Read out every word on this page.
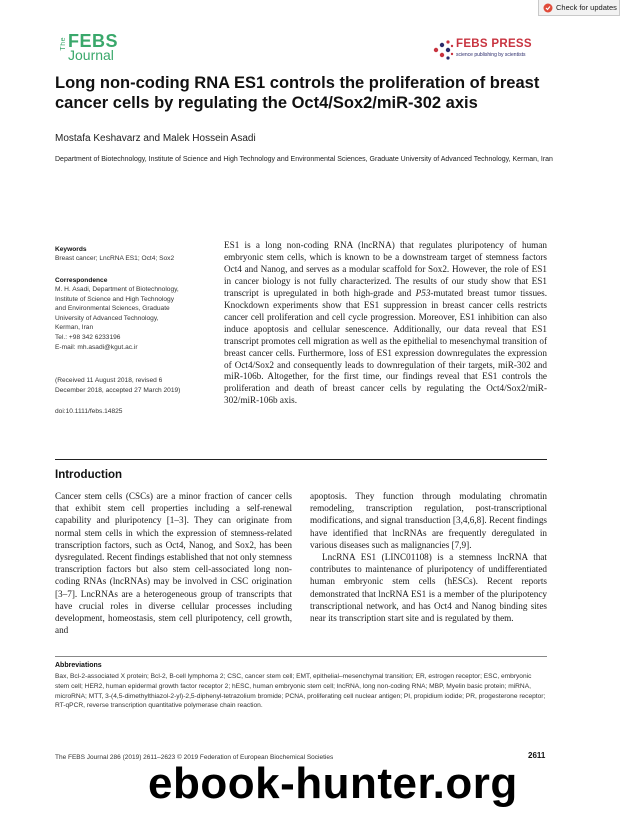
Check for updates
The FEBS
Journal
FEBS PRESS
science publishing by scientists
Long non-coding RNA ES1 controls the proliferation of breast cancer cells by regulating the Oct4/Sox2/miR-302 axis
Mostafa Keshavarz and Malek Hossein Asadi
Department of Biotechnology, Institute of Science and High Technology and Environmental Sciences, Graduate University of Advanced Technology, Kerman, Iran
Keywords
Breast cancer; LncRNA ES1; Oct4; Sox2
Correspondence
M. H. Asadi, Department of Biotechnology,
Institute of Science and High Technology
and Environmental Sciences, Graduate
University of Advanced Technology,
Kerman, Iran
Tel.: +98 342 6233196
E-mail: mh.asadi@kgut.ac.ir
(Received 11 August 2018, revised 6
December 2018, accepted 27 March 2019)
doi:10.1111/febs.14825

ES1 is a long non-coding RNA (lncRNA) that regulates pluripotency of human embryonic stem cells, which is known to be a downstream target of stemness factors Oct4 and Nanog, and serves as a modular scaffold for Sox2. However, the role of ES1 in cancer biology is not fully characterized. The results of our study show that ES1 transcript is upregulated in both high-grade and P53-mutated breast tumor tissues. Knockdown experiments show that ES1 suppression in breast cancer cells restricts cancer cell proliferation and cell cycle progression. Moreover, ES1 inhibition can also induce apoptosis and cellular senescence. Additionally, our data reveal that ES1 transcript promotes cell migration as well as the epithelial to mesenchymal transition of breast cancer cells. Furthermore, loss of ES1 expression downregulates the expression of Oct4/Sox2 and consequently leads to downregulation of their targets, miR-302 and miR-106b. Altogether, for the first time, our findings reveal that ES1 controls the proliferation and death of breast cancer cells by regulating the Oct4/Sox2/miR-302/miR-106b axis.

Introduction

Cancer stem cells (CSCs) are a minor fraction of cancer cells that exhibit stem cell properties including a self-renewal capability and pluripotency [1–3]. They can originate from normal stem cells in which the expression of stemness-related transcription factors, such as Oct4, Nanog, and Sox2, has been dysregulated. Recent findings established that not only stemness transcription factors but also stem cell-associated long non-coding RNAs (lncRNAs) may be involved in CSC origination [3–7]. LncRNAs are a heterogeneous group of transcripts that have crucial roles in diverse cellular processes including development, homeostasis, stem cell pluripotency, cell growth, and

apoptosis. They function through modulating chromatin remodeling, transcription regulation, post-transcriptional modifications, and signal transduction [3,4,6,8]. Recent findings have identified that lncRNAs are frequently deregulated in various diseases such as malignancies [7,9].

LncRNA ES1 (LINC01108) is a stemness lncRNA that contributes to maintenance of pluripotency of undifferentiated human embryonic stem cells (hESCs). Recent reports demonstrated that lncRNA ES1 is a member of the pluripotency transcriptional network, and has Oct4 and Nanog binding sites near its transcription start site and is regulated by them.

Abbreviations
Bax, Bcl-2-associated X protein; Bcl-2, B-cell lymphoma 2; CSC, cancer stem cell; EMT, epithelial–mesenchymal transition; ER, estrogen receptor; ESC, embryonic stem cell; HER2, human epidermal growth factor receptor 2; hESC, human embryonic stem cell; lncRNA, long non-coding RNA; MBP, Myelin basic protein; miRNA, microRNA; MTT, 3-(4,5-dimethylthiazol-2-yl)-2,5-diphenyl-tetrazolium bromide; PCNA, proliferating cell nuclear antigen; PI, propidium iodide; PR, progesterone receptor; RT-qPCR, reverse transcription quantitative polymerase chain reaction.
The FEBS Journal 286 (2019) 2611–2623 © 2019 Federation of European Biochemical Societies	2611
ebook-hunter.org
